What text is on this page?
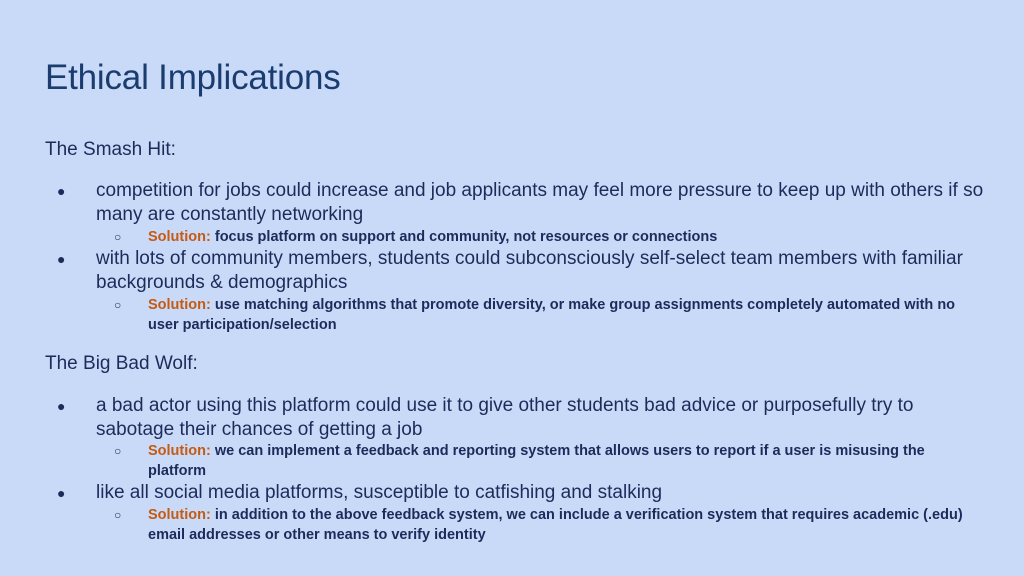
Ethical Implications
The Smash Hit:
● competition for jobs could increase and job applicants may feel more pressure to keep up with others if so many are constantly networking
○ Solution: focus platform on support and community, not resources or connections
● with lots of community members, students could subconsciously self-select team members with familiar backgrounds & demographics
○ Solution: use matching algorithms that promote diversity, or make group assignments completely automated with no user participation/selection
The Big Bad Wolf:
● a bad actor using this platform could use it to give other students bad advice or purposefully try to sabotage their chances of getting a job
○ Solution: we can implement a feedback and reporting system that allows users to report if a user is misusing the platform
● like all social media platforms, susceptible to catfishing and stalking
○ Solution: in addition to the above feedback system, we can include a verification system that requires academic (.edu) email addresses or other means to verify identity
